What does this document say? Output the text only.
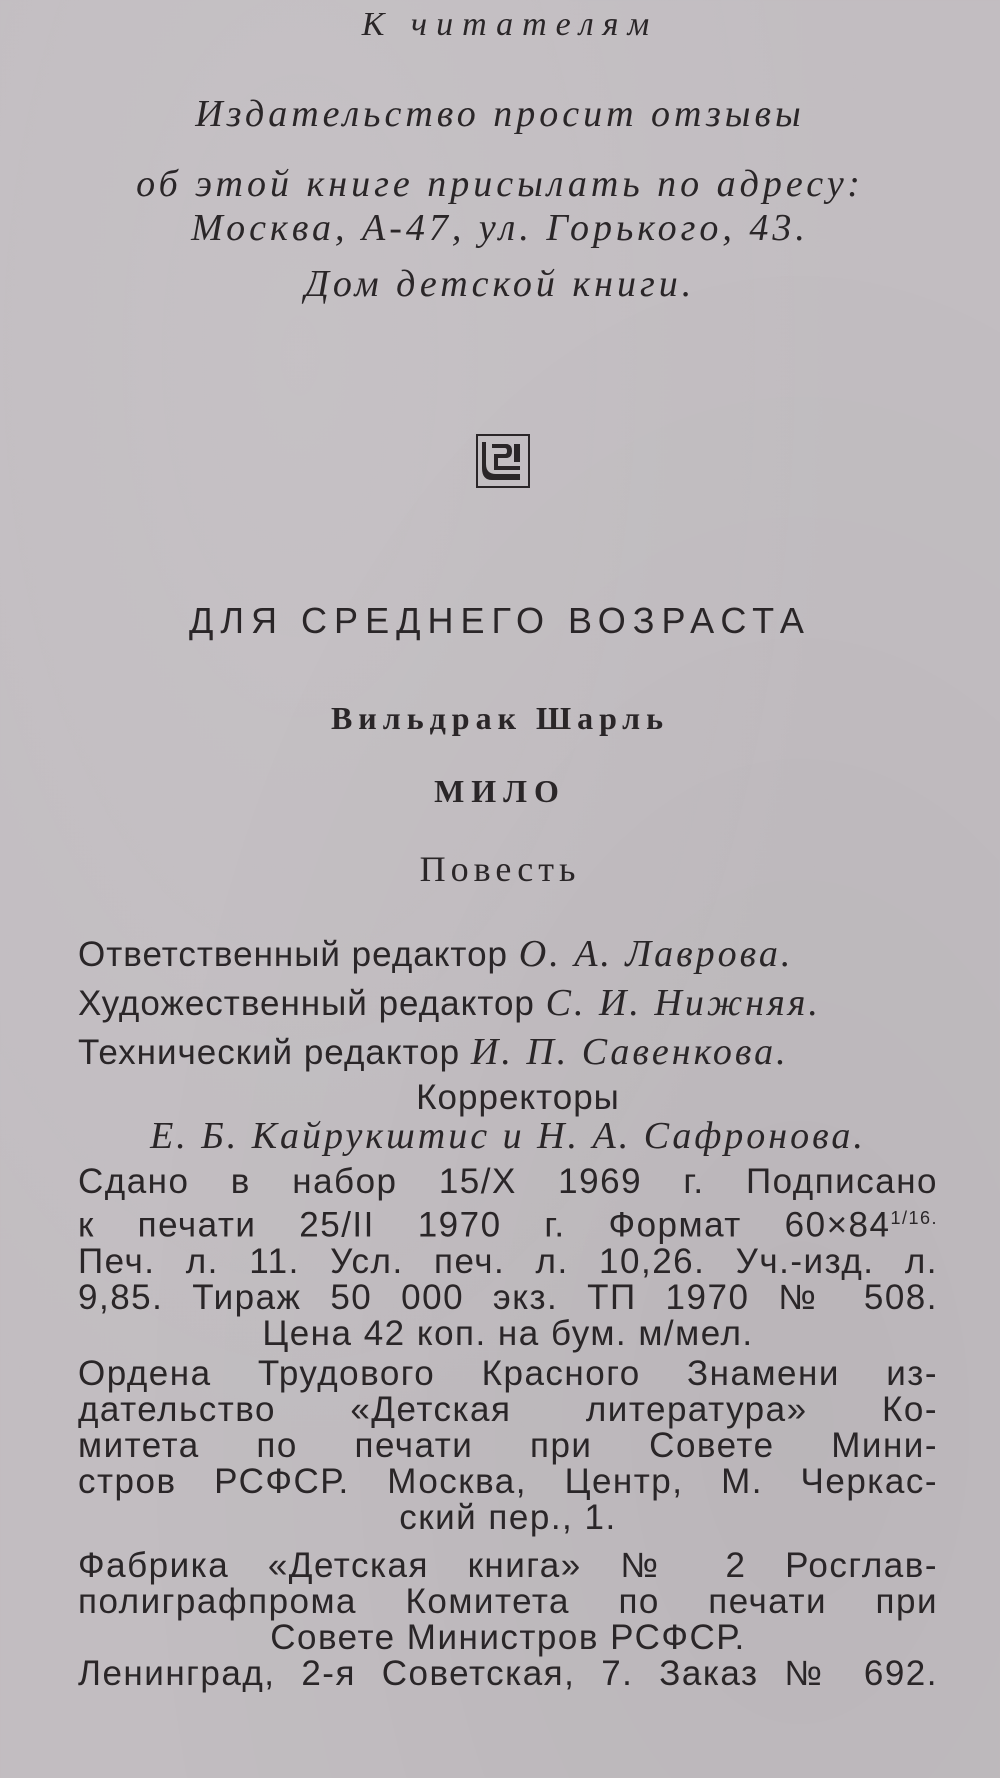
К читателям
Издательство просит отзывы
об этой книге присылать по адресу:
Москва, А-47, ул. Горького, 43.
Дом детской книги.
ДЛЯ СРЕДНЕГО ВОЗРАСТА
Вильдрак Шарль
МИЛО
Повесть
Ответственный редактор О. А. Лаврова.
Художественный редактор С. И. Нижняя.
Технический редактор И. П. Савенкова.
Корректоры
Е. Б. Кайрукштис и Н. А. Сафронова.
Сдано в набор 15/X 1969 г. Подписано
к печати 25/II 1970 г. Формат $60\times 84^{1/16.}$
Печ. л. 11. Усл. печ. л. 10,26. Уч.-изд. л.
9,85. Тираж 50 000 экз. ТП 1970 № 508.
Цена 42 коп. на бум. м/мел.
Ордена Трудового Красного Знамени из-
дательство «Детская литература» Ко-
митета по печати при Совете Мини-
стров РСФСР. Москва, Центр, М. Черкас-
ский пер., 1.
Фабрика «Детская книга» № 2 Росглав-
полиграфпрома Комитета по печати при
Совете Министров РСФСР.
Ленинград, 2-я Советская, 7. Заказ № 692.
